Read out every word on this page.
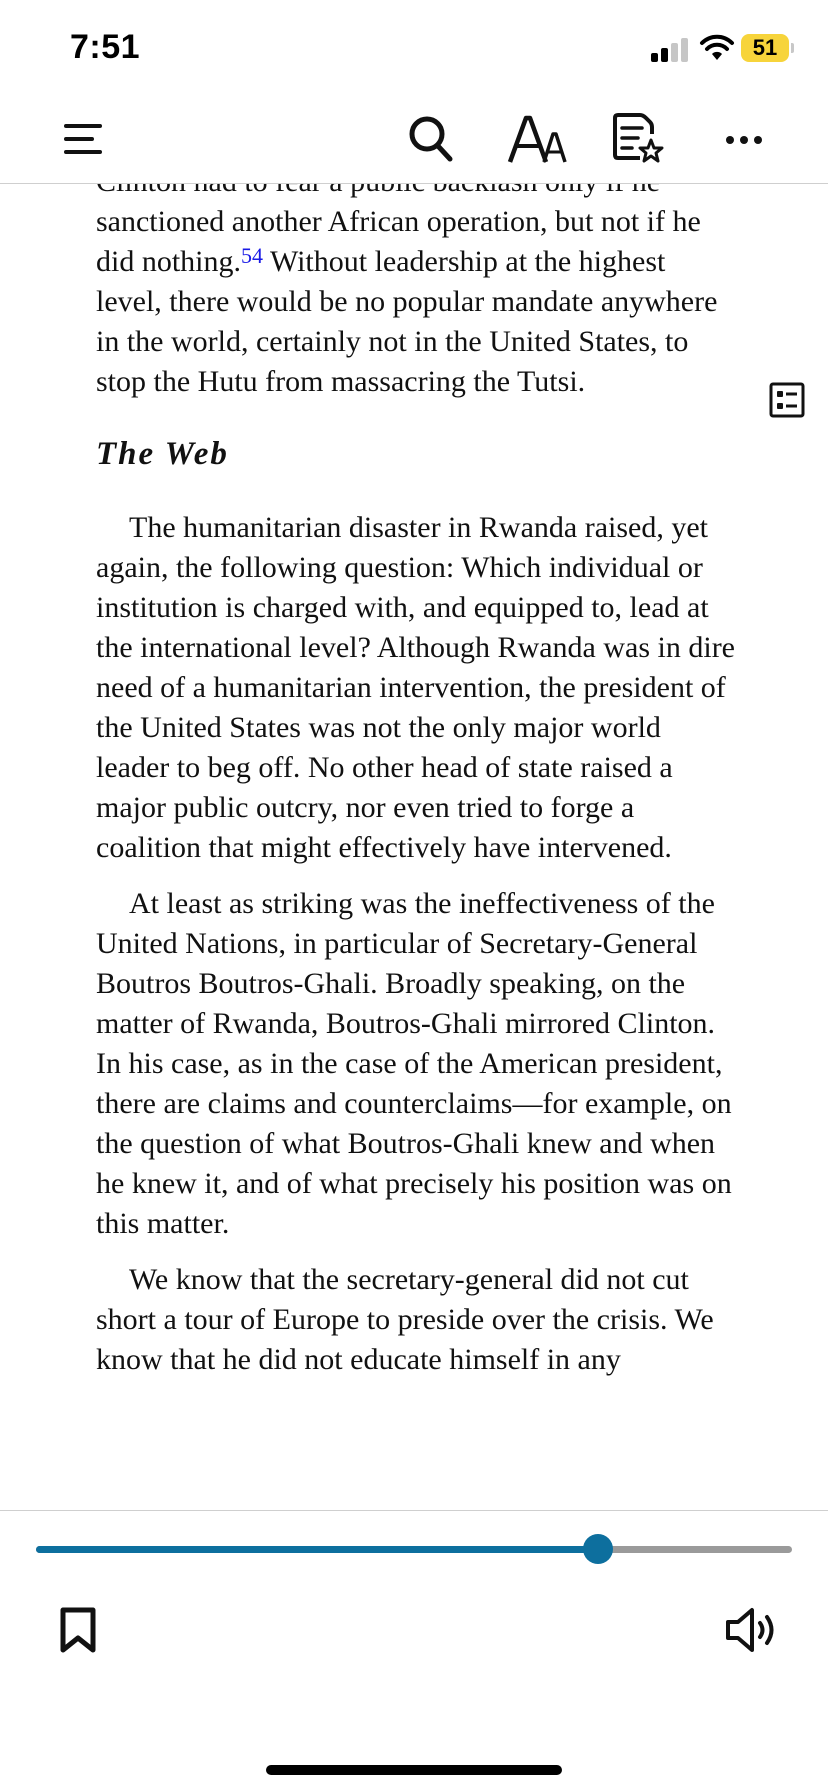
7:51	51

sanctioned another African operation, but not if he did nothing.$^{54}$ Without leadership at the highest level, there would be no popular mandate anywhere in the world, certainly not in the United States, to stop the Hutu from massacring the Tutsi.

The Web

The humanitarian disaster in Rwanda raised, yet again, the following question: Which individual or institution is charged with, and equipped to, lead at the international level? Although Rwanda was in dire need of a humanitarian intervention, the president of the United States was not the only major world leader to beg off. No other head of state raised a major public outcry, nor even tried to forge a coalition that might effectively have intervened.

At least as striking was the ineffectiveness of the United Nations, in particular of Secretary-General Boutros Boutros-Ghali. Broadly speaking, on the matter of Rwanda, Boutros-Ghali mirrored Clinton. In his case, as in the case of the American president, there are claims and counterclaims—for example, on the question of what Boutros-Ghali knew and when he knew it, and of what precisely his position was on this matter.

We know that the secretary-general did not cut short a tour of Europe to preside over the crisis. We know that he did not educate himself in any
